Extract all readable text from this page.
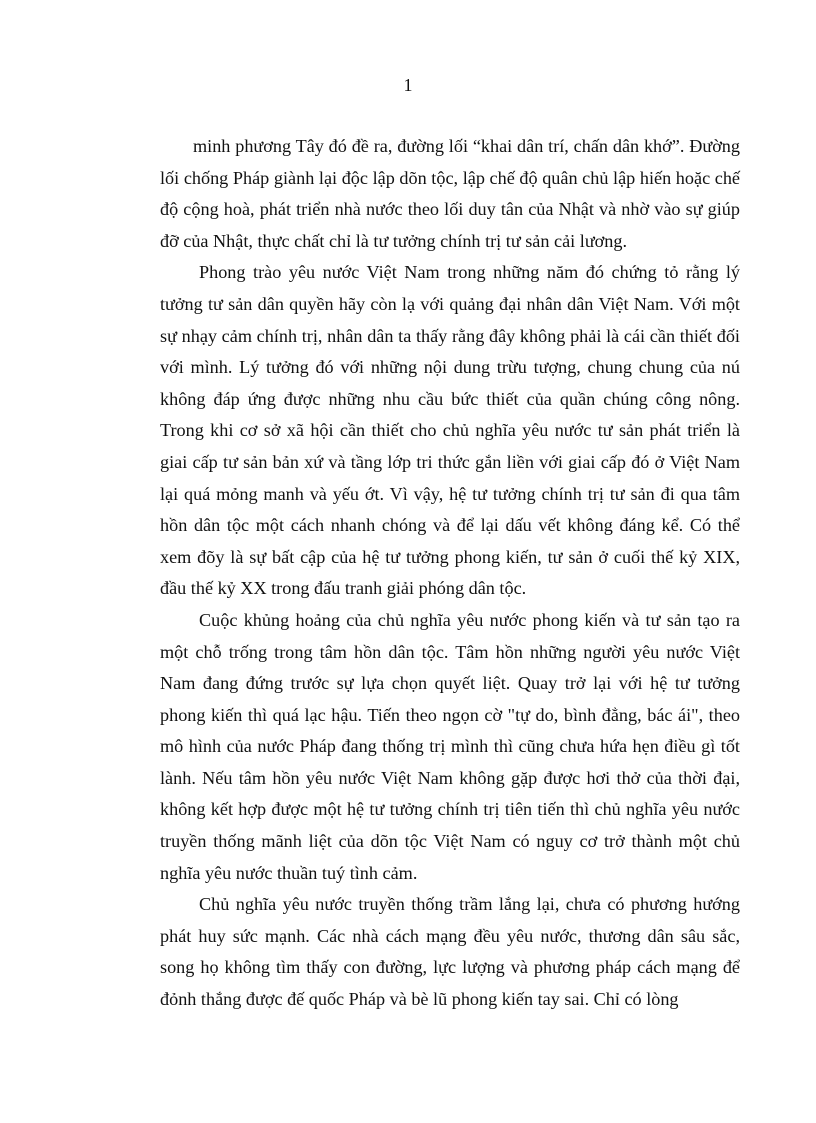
1

minh phương Tây đó đề ra, đường lối “khai dân trí, chấn dân khớ”. Đường lối chống Pháp giành lại độc lập dõn tộc, lập chế độ quân chủ lập hiến hoặc chế độ cộng hoà, phát triển nhà nước theo lối duy tân của Nhật và nhờ vào sự giúp đỡ của Nhật, thực chất chỉ là tư tưởng chính trị tư sản cải lương.

Phong trào yêu nước Việt Nam trong những năm đó chứng tỏ rằng lý tưởng tư sản dân quyền hãy còn lạ với quảng đại nhân dân Việt Nam. Với một sự nhạy cảm chính trị, nhân dân ta thấy rằng đây không phải là cái cần thiết đối với mình. Lý tưởng đó với những nội dung trừu tượng, chung chung của nú không đáp ứng được những nhu cầu bức thiết của quần chúng công nông. Trong khi cơ sở xã hội cần thiết cho chủ nghĩa yêu nước tư sản phát triển là giai cấp tư sản bản xứ và tầng lớp tri thức gắn liền với giai cấp đó ở Việt Nam lại quá mỏng manh và yếu ớt. Vì vậy, hệ tư tưởng chính trị tư sản đi qua tâm hồn dân tộc một cách nhanh chóng và để lại dấu vết không đáng kể. Có thể xem đõy là sự bất cập của hệ tư tưởng phong kiến, tư sản ở cuối thế kỷ XIX, đầu thế kỷ XX trong đấu tranh giải phóng dân tộc.

Cuộc khủng hoảng của chủ nghĩa yêu nước phong kiến và tư sản tạo ra một chỗ trống trong tâm hồn dân tộc. Tâm hồn những người yêu nước Việt Nam đang đứng trước sự lựa chọn quyết liệt. Quay trở lại với hệ tư tưởng phong kiến thì quá lạc hậu. Tiến theo ngọn cờ "tự do, bình đẳng, bác ái", theo mô hình của nước Pháp đang thống trị mình thì cũng chưa hứa hẹn điều gì tốt lành. Nếu tâm hồn yêu nước Việt Nam không gặp được hơi thở của thời đại, không kết hợp được một hệ tư tưởng chính trị tiên tiến thì chủ nghĩa yêu nước truyền thống mãnh liệt của dõn tộc Việt Nam có nguy cơ trở thành một chủ nghĩa yêu nước thuần tuý tình cảm.

Chủ nghĩa yêu nước truyền thống trầm lắng lại, chưa có phương hướng phát huy sức mạnh. Các nhà cách mạng đều yêu nước, thương dân sâu sắc, song họ không tìm thấy con đường, lực lượng và phương pháp cách mạng để đỏnh thắng được đế quốc Pháp và bè lũ phong kiến tay sai. Chỉ có lòng
